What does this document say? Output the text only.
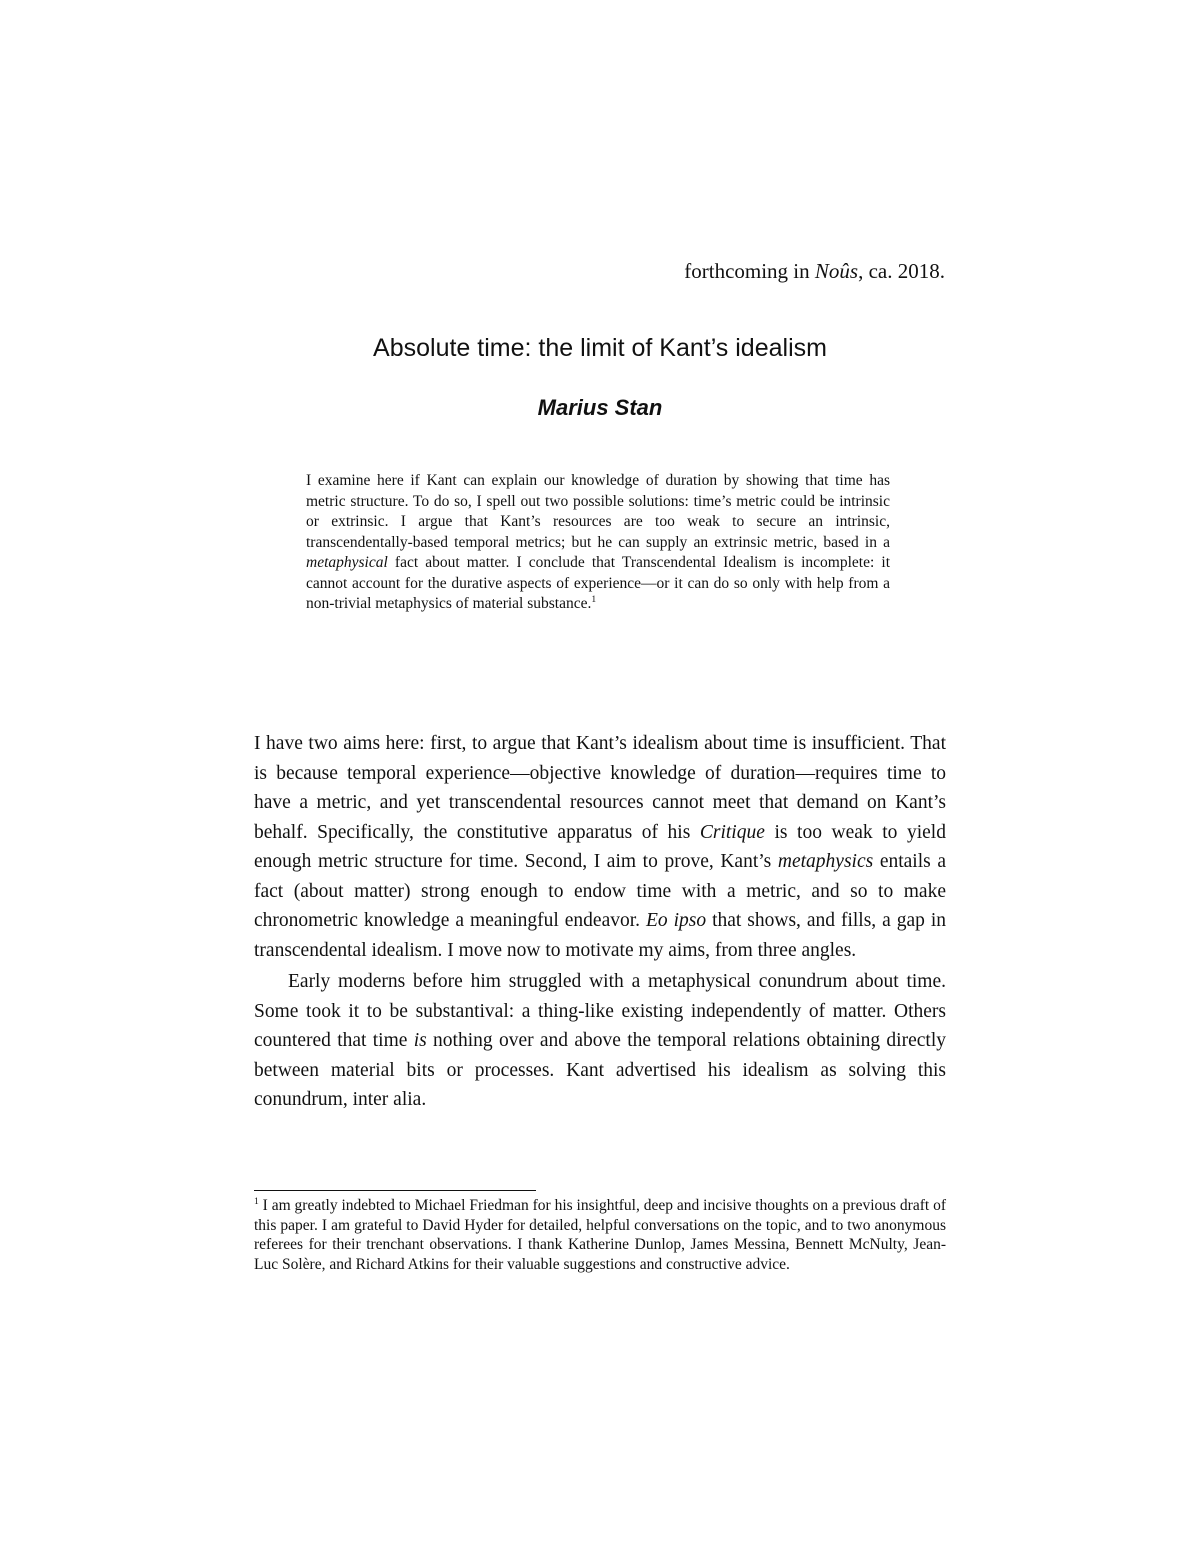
forthcoming in Noûs, ca. 2018.
Absolute time: the limit of Kant’s idealism
Marius Stan
I examine here if Kant can explain our knowledge of duration by showing that time has metric structure. To do so, I spell out two possible solutions: time’s metric could be intrinsic or extrinsic. I argue that Kant’s resources are too weak to secure an intrinsic, transcendentally-based temporal metrics; but he can supply an extrinsic metric, based in a metaphysical fact about matter. I conclude that Transcendental Idealism is incomplete: it cannot account for the durative aspects of experience—or it can do so only with help from a non-trivial metaphysics of material substance.$^1$

I have two aims here: first, to argue that Kant’s idealism about time is insufficient. That is because temporal experience—objective knowledge of duration—requires time to have a metric, and yet transcendental resources cannot meet that demand on Kant’s behalf. Specifically, the constitutive apparatus of his Critique is too weak to yield enough metric structure for time. Second, I aim to prove, Kant’s metaphysics entails a fact (about matter) strong enough to endow time with a metric, and so to make chronometric knowledge a meaningful endeavor. Eo ipso that shows, and fills, a gap in transcendental idealism. I move now to motivate my aims, from three angles.

Early moderns before him struggled with a metaphysical conundrum about time. Some took it to be substantival: a thing-like existing independently of matter. Others countered that time is nothing over and above the temporal relations obtaining directly between material bits or processes. Kant advertised his idealism as solving this conundrum, inter alia.

$^1$ I am greatly indebted to Michael Friedman for his insightful, deep and incisive thoughts on a previous draft of this paper. I am grateful to David Hyder for detailed, helpful conversations on the topic, and to two anonymous referees for their trenchant observations. I thank Katherine Dunlop, James Messina, Bennett McNulty, Jean-Luc Solère, and Richard Atkins for their valuable suggestions and constructive advice.
